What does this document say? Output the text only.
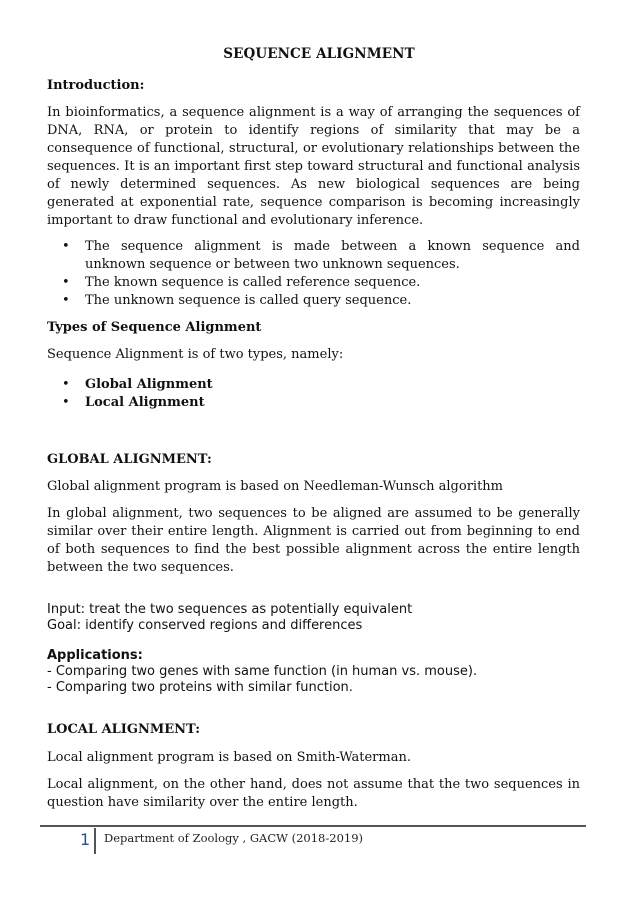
SEQUENCE ALIGNMENT
Introduction:
In bioinformatics, a sequence alignment is a way of arranging the sequences of DNA, RNA, or protein to identify regions of similarity that may be a consequence of functional, structural, or evolutionary relationships between the sequences. It is an important first step toward structural and functional analysis of newly determined sequences. As new biological sequences are being generated at exponential rate, sequence comparison is becoming increasingly important to draw functional and evolutionary inference.
• The sequence alignment is made between a known sequence and unknown sequence or between two unknown sequences.
• The known sequence is called reference sequence.
• The unknown sequence is called query sequence.
Types of Sequence Alignment
Sequence Alignment is of two types, namely:
• Global Alignment
• Local Alignment
GLOBAL ALIGNMENT:
Global alignment program is based on Needleman-Wunsch algorithm
In global alignment, two sequences to be aligned are assumed to be generally similar over their entire length. Alignment is carried out from beginning to end of both sequences to find the best possible alignment across the entire length between the two sequences.
Input: treat the two sequences as potentially equivalent
Goal: identify conserved regions and differences
Applications:
- Comparing two genes with same function (in human vs. mouse).
- Comparing two proteins with similar function.
LOCAL ALIGNMENT:
Local alignment program is based on Smith-Waterman.
Local alignment, on the other hand, does not assume that the two sequences in question have similarity over the entire length.
1 Department of Zoology , GACW (2018-2019)
